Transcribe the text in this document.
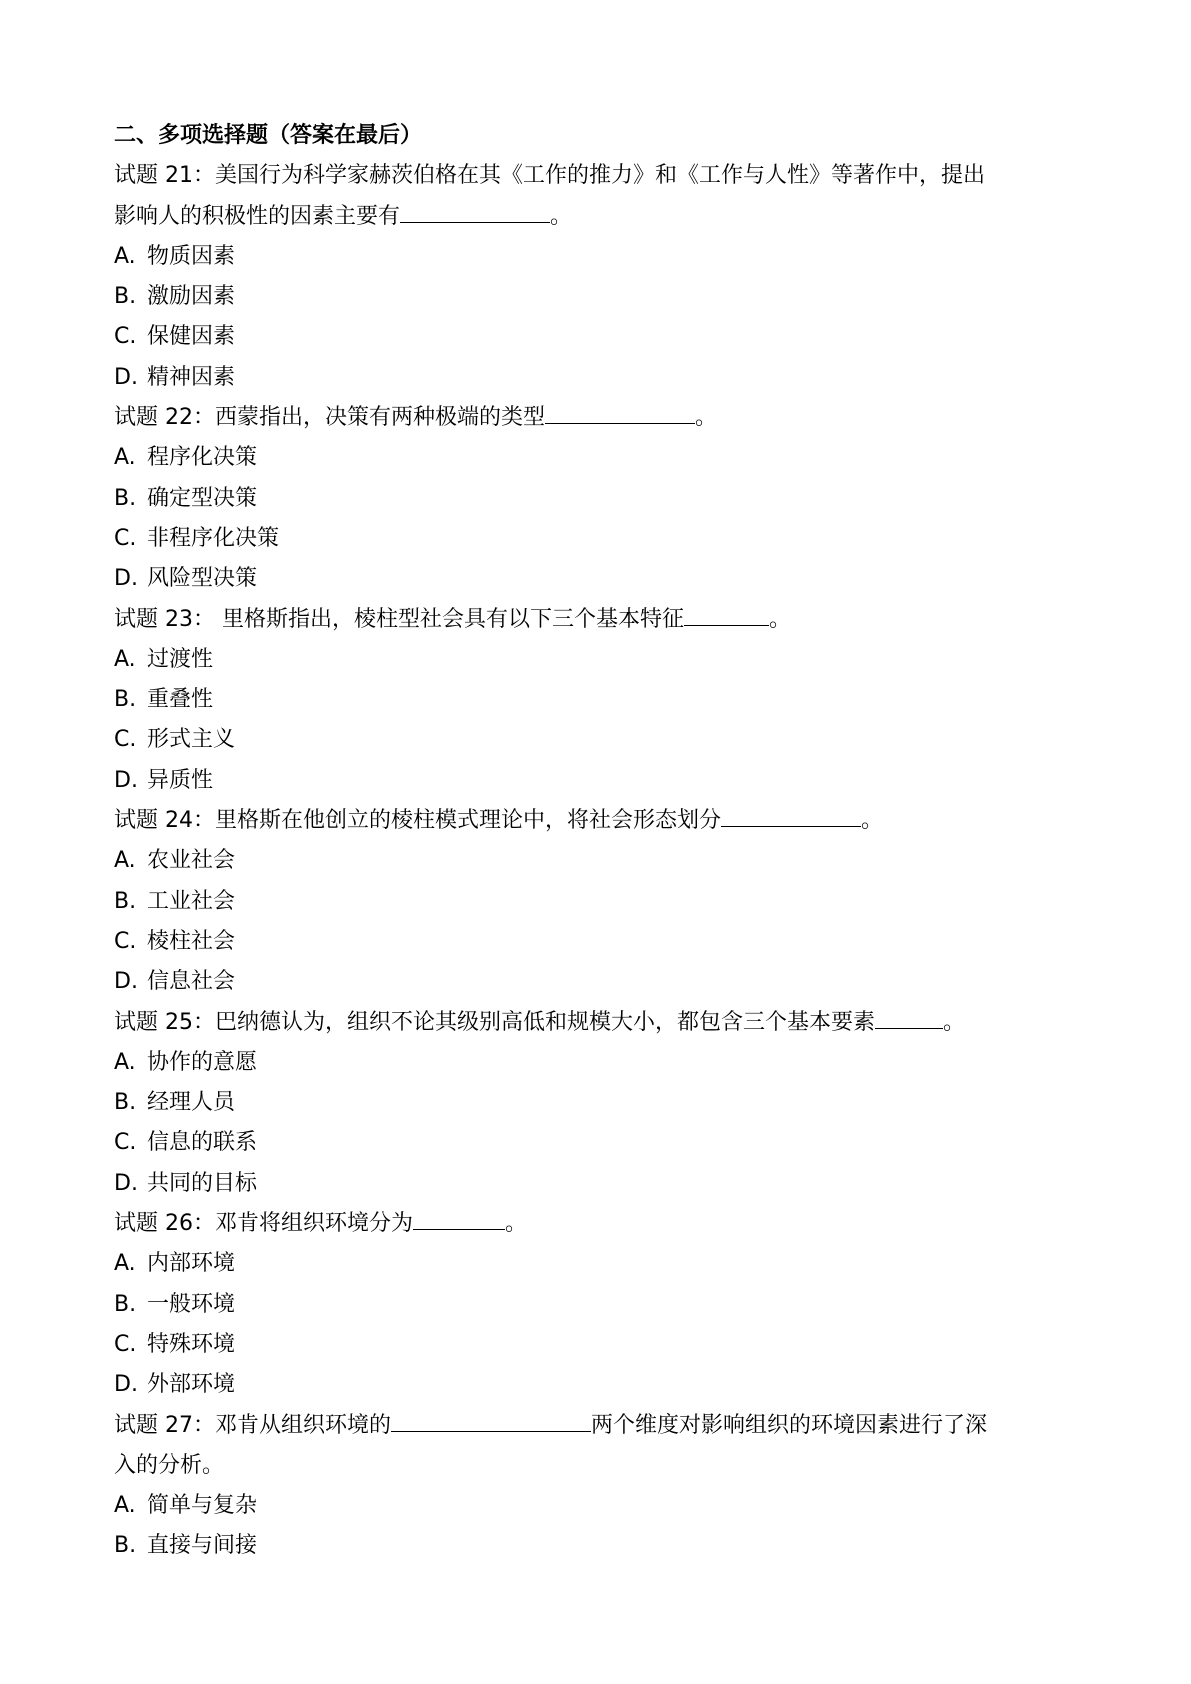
二、多项选择题（答案在最后）
试题 21：美国行为科学家赫茨伯格在其《工作的推力》和《工作与人性》等著作中，提出
影响人的积极性的因素主要有	。
A. 物质因素
B. 激励因素
C. 保健因素
D. 精神因素
试题 22：西蒙指出，决策有两种极端的类型	。
A. 程序化决策
B. 确定型决策
C. 非程序化决策
D. 风险型决策
试题 23： 里格斯指出，棱柱型社会具有以下三个基本特征	。
A. 过渡性
B. 重叠性
C. 形式主义
D. 异质性
试题 24：里格斯在他创立的棱柱模式理论中，将社会形态划分	。
A. 农业社会
B. 工业社会
C. 棱柱社会
D. 信息社会
试题 25：巴纳德认为，组织不论其级别高低和规模大小，都包含三个基本要素	。
A. 协作的意愿
B. 经理人员
C. 信息的联系
D. 共同的目标
试题 26：邓肯将组织环境分为	。
A. 内部环境
B. 一般环境
C. 特殊环境
D. 外部环境
试题 27：邓肯从组织环境的	两个维度对影响组织的环境因素进行了深
入的分析。
A. 简单与复杂
B. 直接与间接
